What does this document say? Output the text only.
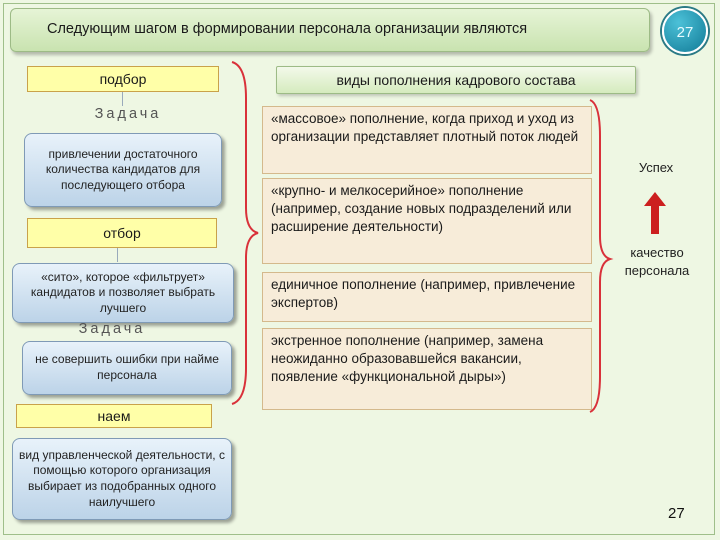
Следующим шагом в формировании персонала организации являются	27
подбор
Задача
привлечении достаточного количества кандидатов для последующего отбора
отбор
«сито», которое «фильтрует» кандидатов и позволяет выбрать лучшего
Задача
не совершить ошибки при найме персонала
наем
вид управленческой деятельности, с помощью которого организация выбирает из подобранных одного наилучшего
виды пополнения кадрового состава
«массовое» пополнение, когда приход и уход из организации представляет плотный поток людей
«крупно- и мелкосерийное» пополнение (например, создание новых подразделений или расширение деятельности)
единичное пополнение (например, привлечение экспертов)
экстренное пополнение (например, замена неожиданно образовавшейся вакансии, появление «функциональной дыры»)
Успех
качество персонала
27
